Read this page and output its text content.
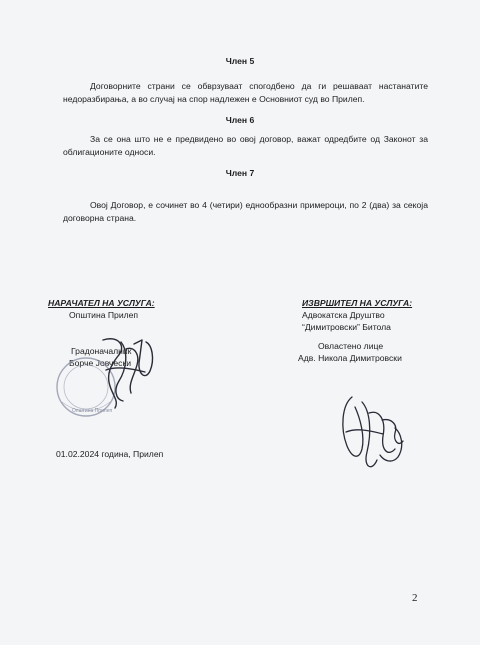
Член 5

Договорните страни се обврзуваат спогодбено да ги решаваат настанатите

недоразбирања, а во случај на спор надлежен е Основниот суд во Прилеп.

Член 6

За се она што не е предвидено во овој договор, важат одредбите од Законот за

облигационите односи.

Член 7

Овој Договор, е сочинет во 4 (четири) еднообразни примероци, по 2 (два) за секоја

договорна страна.

НАРАЧАТЕЛ НА УСЛУГА:

Општина Прилеп

Градоначалник

Борче Јовчески

ИЗВРШИТЕЛ НА УСЛУГА:

Адвокатска Друштво

“Димитровски” Битола

Овластено лице

Адв. Никола Димитровски

01.02.2024 година, Прилеп

2

Општина Прилеп
